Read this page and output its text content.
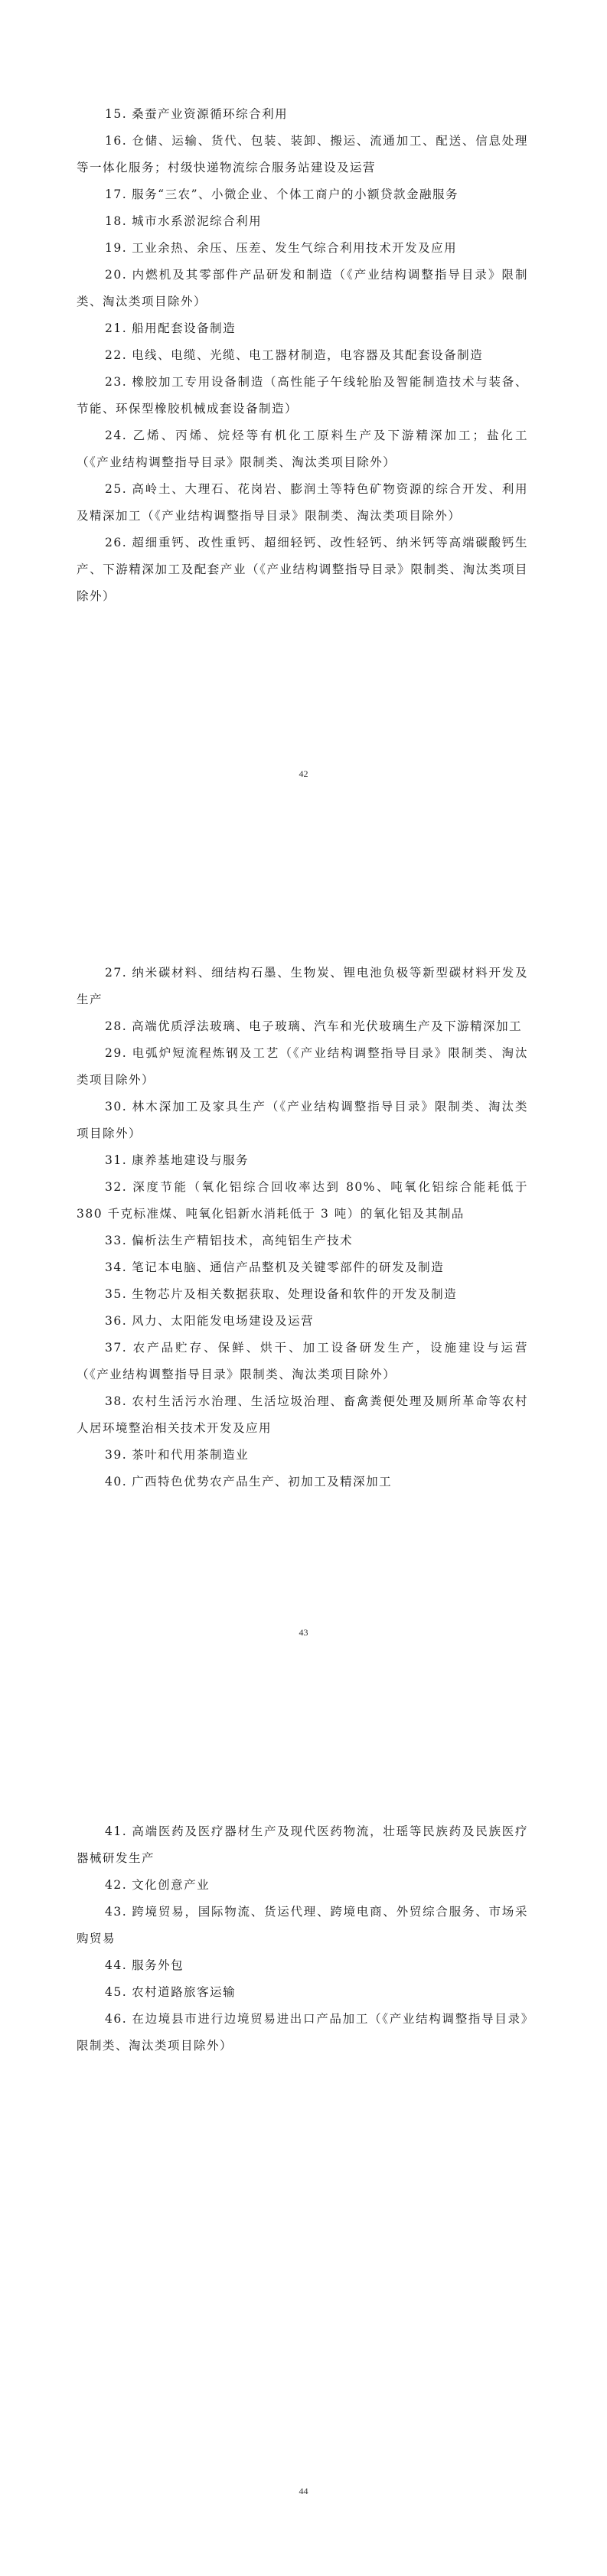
15. 桑蚕产业资源循环综合利用

16. 仓储、运输、货代、包装、装卸、搬运、流通加工、配送、信息处理等一体化服务；村级快递物流综合服务站建设及运营

17. 服务“三农”、小微企业、个体工商户的小额贷款金融服务

18. 城市水系淤泥综合利用

19. 工业余热、余压、压差、发生气综合利用技术开发及应用

20. 内燃机及其零部件产品研发和制造（《产业结构调整指导目录》限制类、淘汰类项目除外）

21. 船用配套设备制造

22. 电线、电缆、光缆、电工器材制造，电容器及其配套设备制造

23. 橡胶加工专用设备制造（高性能子午线轮胎及智能制造技术与装备、节能、环保型橡胶机械成套设备制造）

24. 乙烯、丙烯、烷烃等有机化工原料生产及下游精深加工；盐化工（《产业结构调整指导目录》限制类、淘汰类项目除外）

25. 高岭土、大理石、花岗岩、膨润土等特色矿物资源的综合开发、利用及精深加工（《产业结构调整指导目录》限制类、淘汰类项目除外）

26. 超细重钙、改性重钙、超细轻钙、改性轻钙、纳米钙等高端碳酸钙生产、下游精深加工及配套产业（《产业结构调整指导目录》限制类、淘汰类项目除外）

42

27. 纳米碳材料、细结构石墨、生物炭、锂电池负极等新型碳材料开发及生产

28. 高端优质浮法玻璃、电子玻璃、汽车和光伏玻璃生产及下游精深加工

29. 电弧炉短流程炼钢及工艺（《产业结构调整指导目录》限制类、淘汰类项目除外）

30. 林木深加工及家具生产（《产业结构调整指导目录》限制类、淘汰类项目除外）

31. 康养基地建设与服务

32. 深度节能（氧化铝综合回收率达到 80%、吨氧化铝综合能耗低于 380 千克标准煤、吨氧化铝新水消耗低于 3 吨）的氧化铝及其制品

33. 偏析法生产精铝技术，高纯铝生产技术

34. 笔记本电脑、通信产品整机及关键零部件的研发及制造

35. 生物芯片及相关数据获取、处理设备和软件的开发及制造

36. 风力、太阳能发电场建设及运营

37. 农产品贮存、保鲜、烘干、加工设备研发生产，设施建设与运营（《产业结构调整指导目录》限制类、淘汰类项目除外）

38. 农村生活污水治理、生活垃圾治理、畜禽粪便处理及厕所革命等农村人居环境整治相关技术开发及应用

39. 茶叶和代用茶制造业

40. 广西特色优势农产品生产、初加工及精深加工

43

41. 高端医药及医疗器材生产及现代医药物流，壮瑶等民族药及民族医疗器械研发生产

42. 文化创意产业

43. 跨境贸易，国际物流、货运代理、跨境电商、外贸综合服务、市场采购贸易

44. 服务外包

45. 农村道路旅客运输

46. 在边境县市进行边境贸易进出口产品加工（《产业结构调整指导目录》限制类、淘汰类项目除外）

44
